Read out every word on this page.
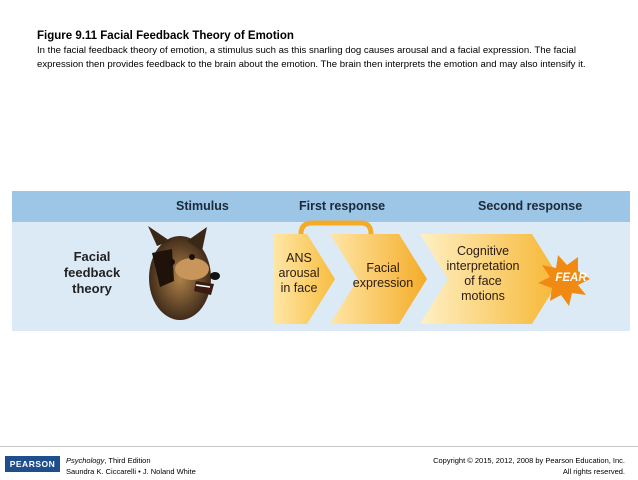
Figure 9.11 Facial Feedback Theory of Emotion
In the facial feedback theory of emotion, a stimulus such as this snarling dog causes arousal and a facial expression. The facial expression then provides feedback to the brain about the emotion. The brain then interprets the emotion and may also intensify it.
Stimulus	First response	Second response
Facial
feedback
theory
ANS
arousal
in face
Facial
expression
Cognitive
interpretation
of face
motions
FEAR
PEARSON	Psychology, Third Edition
Saundra K. Ciccarelli • J. Noland White
Copyright © 2015, 2012, 2008 by Pearson Education, Inc.
All rights reserved.
